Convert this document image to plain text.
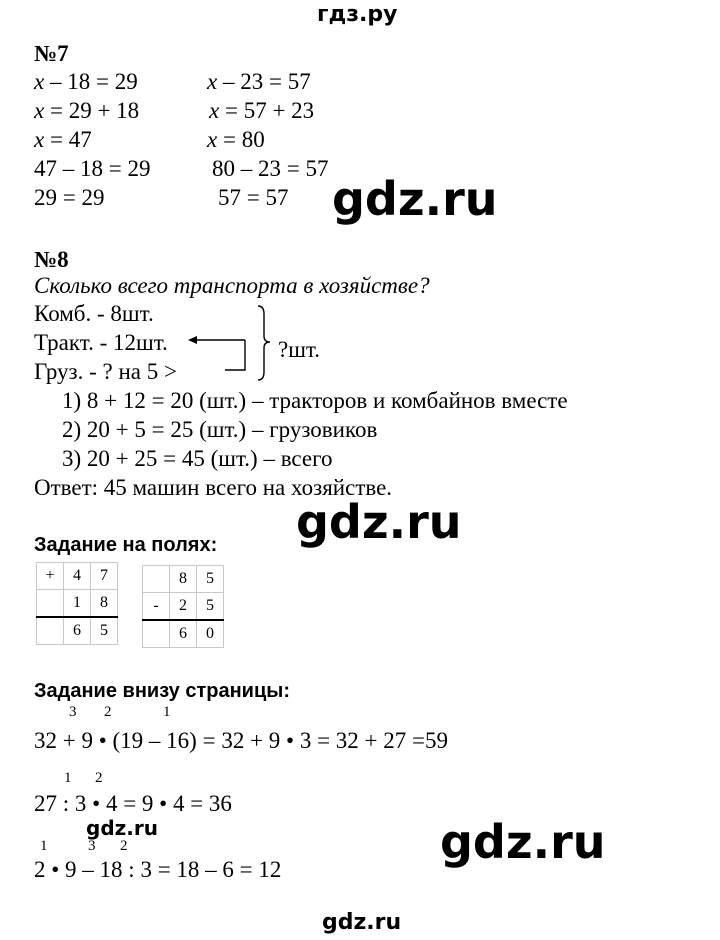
гдз.ру
№7
x – 18 = 29
x = 29 + 18
x = 47
47 – 18 = 29
29 = 29
x – 23 = 57
x = 57 + 23
x = 80
80 – 23 = 57
57 = 57 gdz.ru
№8
Сколько всего транспорта в хозяйстве?
Комб. - 8шт.
Тракт. - 12шт.
Груз. - ? на 5 >
?шт.
1) 8 + 12 = 20 (шт.) – тракторов и комбайнов вместе
2) 20 + 5 = 25 (шт.) – грузовиков
3) 20 + 25 = 45 (шт.) – всего
Ответ: 45 машин всего на хозяйстве.
gdz.ru
Задание на полях:
+	4	7
	1	8
	6	5
	8	5
-	2	5
	6	0
Задание внизу страницы:
3 2	1
32 + 9 • (19 – 16) = 32 + 9 • 3 = 32 + 27 =59
1 2
27 : 3 • 4 = 9 • 4 = 36
gdz.ru	gdz.ru
1	3 2
2 • 9 – 18 : 3 = 18 – 6 = 12
gdz.ru
